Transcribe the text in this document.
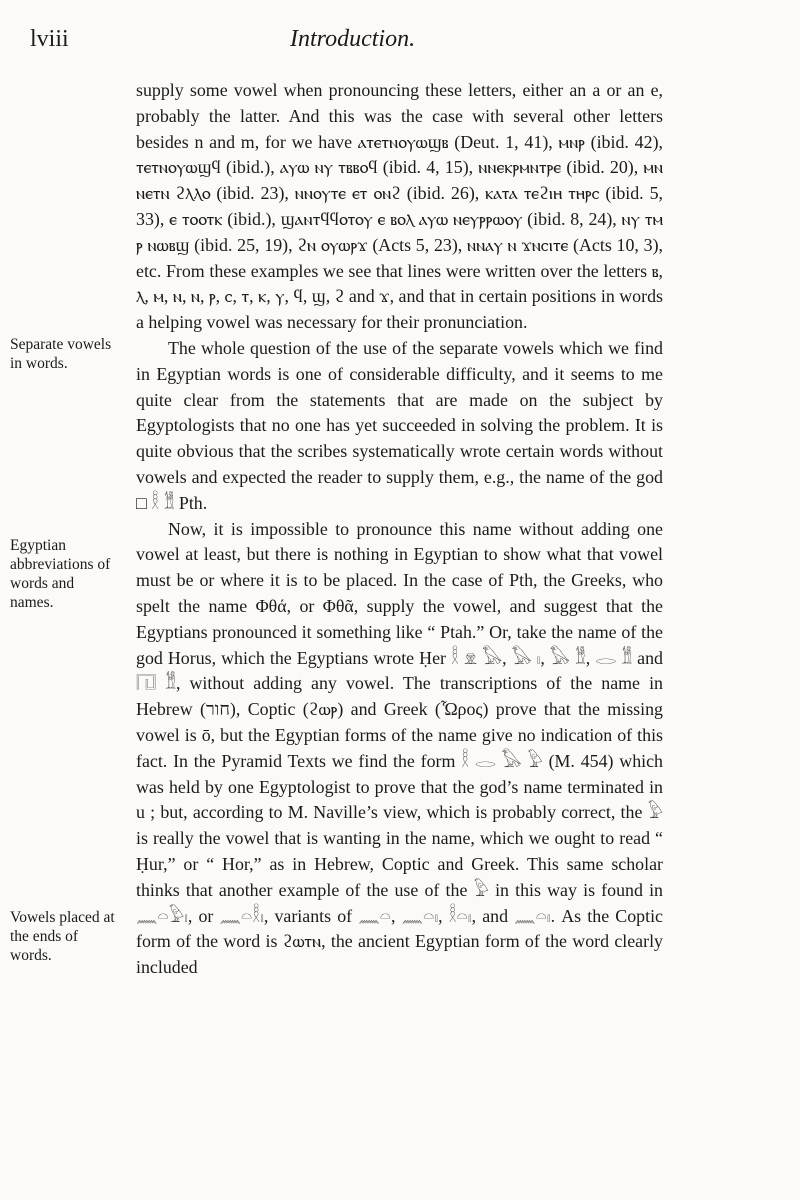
lviii	Introduction.
Separate vowels in words.
Egyptian abbreviations of words and names.
Vowels placed at the ends of words.

supply some vowel when pronouncing these letters, either an a or an e, probably the latter. And this was the case with several other letters besides n and m, for we have ⲁⲧⲉⲧⲛⲟⲩⲱϣⲃ (Deut. 1, 41), ⲙⲛⲣ (ibid. 42), ⲧⲉⲧⲛⲟⲩⲱϣϥ (ibid.), ⲁⲩⲱ ⲛⲩ ⲧⲃⲃⲟϥ (ibid. 4, 15), ⲛⲛⲉⲕⲣⲙⲛⲧⲣⲉ (ibid. 20), ⲙⲛ ⲛⲉⲧⲛ ϩⲗⲗⲟ (ibid. 23), ⲛⲛⲟⲩⲧⲉ ⲉⲧ ⲟⲛϩ (ibid. 26), ⲕⲁⲧⲁ ⲧⲉϩⲓⲏ ⲧⲏⲣⲥ (ibid. 5, 33), ⲉ ⲧⲟⲟⲧⲕ (ibid.), ϣⲁⲛⲧϥϥⲟⲧⲟⲩ ⲉ ⲃⲟⲗ ⲁⲩⲱ ⲛⲉⲩⲣⲣⲱⲟⲩ (ibid. 8, 24), ⲛⲩ ⲧⲙ ⲣ ⲛⲱⲃϣ (ibid. 25, 19), ϩⲛ ⲟⲩⲱⲣϫ (Acts 5, 23), ⲛⲛⲁⲩ ⲛ ϫⲛⲥⲓⲧⲉ (Acts 10, 3), etc. From these examples we see that lines were written over the letters ⲃ, ⲗ, ⲙ, ⲛ, ⲛ, ⲣ, ⲥ, ⲧ, ⲕ, ⲩ, ϥ, ϣ, ϩ and ϫ, and that in certain positions in words a helping vowel was necessary for their pronunciation.

The whole question of the use of the separate vowels which we find in Egyptian words is one of considerable difficulty, and it seems to me quite clear from the statements that are made on the subject by Egyptologists that no one has yet succeeded in solving the problem. It is quite obvious that the scribes systematically wrote certain words without vowels and expected the reader to supply them, e.g., the name of the god □ 𓎛 𓁰 Pth.

Now, it is impossible to pronounce this name without adding one vowel at least, but there is nothing in Egyptian to show what that vowel must be or where it is to be placed. In the case of Pth, the Greeks, who spelt the name Φθά, or Φθᾶ, supply the vowel, and suggest that the Egyptians pronounced it something like “ Ptah.” Or, take the name of the god Horus, which the Egyptians wrote Ḥer 𓎛 𓁷 𓅃, 𓅃 𓏤, 𓅃 𓁰, 𓂋 𓁰 and 𓉔 𓁰, without adding any vowel. The transcriptions of the name in Hebrew (חור), Coptic (ϩⲱⲣ) and Greek (Ὧρος) prove that the missing vowel is ō, but the Egyptian forms of the name give no indication of this fact. In the Pyramid Texts we find the form 𓎛 𓂋 𓅃 𓅱 (M. 454) which was held by one Egyptologist to prove that the god’s name terminated in u ; but, according to M. Naville’s view, which is probably correct, the 𓅱 is really the vowel that is wanting in the name, which we ought to read “ Ḥur,” or “ Hor,” as in Hebrew, Coptic and Greek. This same scholar thinks that another example of the use of the 𓅱 in this way is found in 𓈖𓏏𓅱𓏤, or 𓈖𓏏𓎛𓏤, variants of 𓈖𓏏, 𓈖𓏏𓏤, 𓎛𓏏𓏤, and 𓈖𓏏𓏤. As the Coptic form of the word is ϩⲱⲧⲛ, the ancient Egyptian form of the word clearly included
